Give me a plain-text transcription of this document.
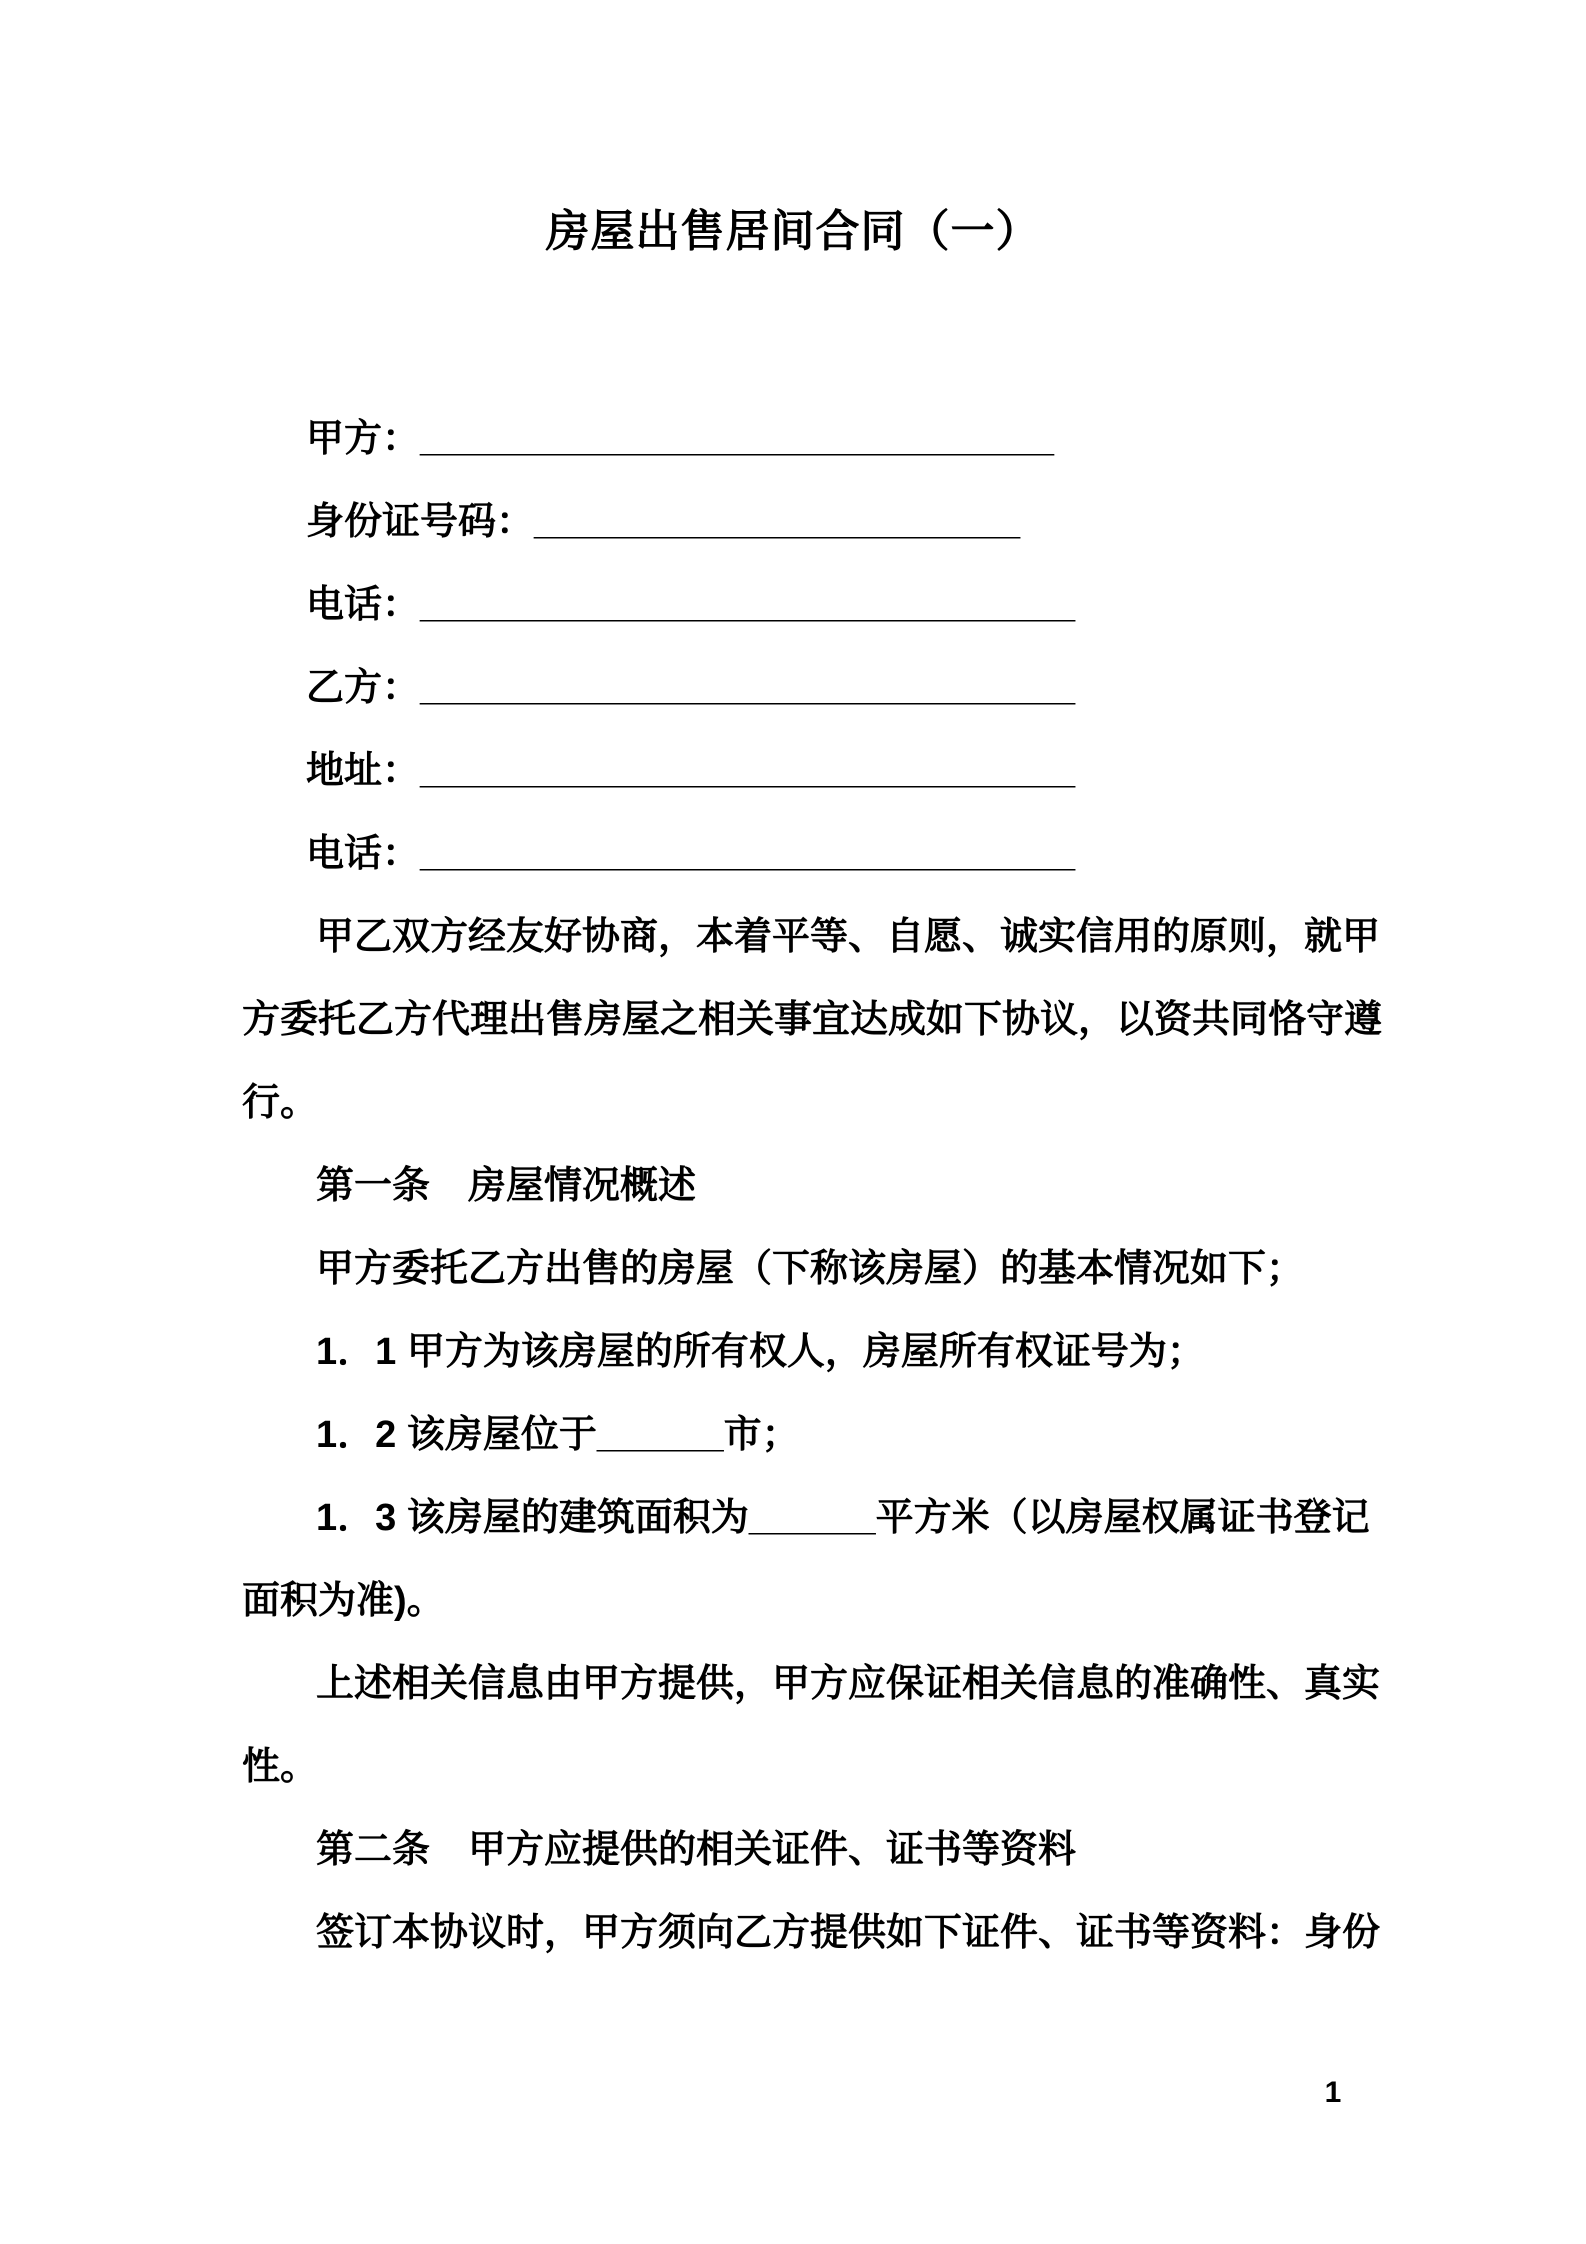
房屋出售居间合同（一）
甲方：______________________________
身份证号码：_______________________
电话：_______________________________
乙方：_______________________________
地址：_______________________________
电话：_______________________________
甲乙双方经友好协商，本着平等、自愿、诚实信用的原则，就甲
方委托乙方代理出售房屋之相关事宜达成如下协议，以资共同恪守遵
行。
第一条　房屋情况概述
甲方委托乙方出售的房屋（下称该房屋）的基本情况如下；
1．1 甲方为该房屋的所有权人，房屋所有权证号为；
1．2 该房屋位于______市；
1．3 该房屋的建筑面积为______平方米（以房屋权属证书登记
面积为准)。
上述相关信息由甲方提供，甲方应保证相关信息的准确性、真实
性。
第二条　甲方应提供的相关证件、证书等资料
签订本协议时，甲方须向乙方提供如下证件、证书等资料：身份
1
